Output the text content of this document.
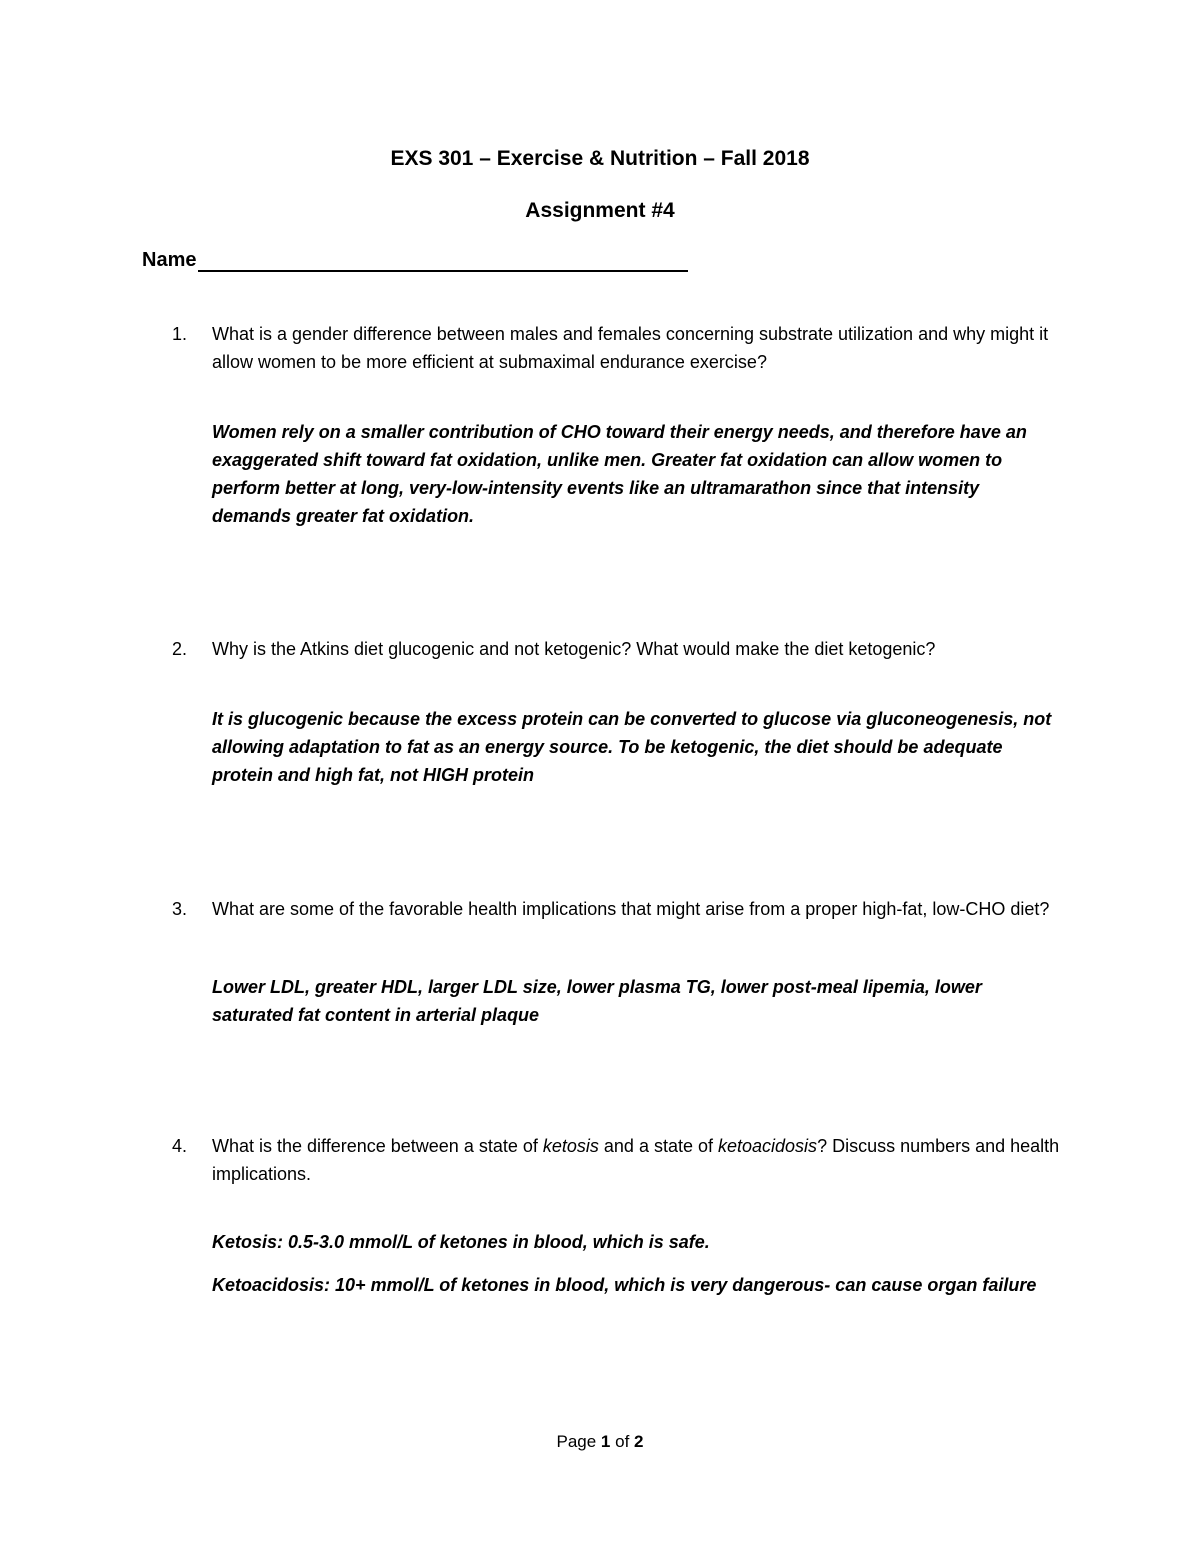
EXS 301 – Exercise & Nutrition – Fall 2018
Assignment #4
Name
1. What is a gender difference between males and females concerning substrate utilization and why might it allow women to be more efficient at submaximal endurance exercise?
Women rely on a smaller contribution of CHO toward their energy needs, and therefore have an exaggerated shift toward fat oxidation, unlike men. Greater fat oxidation can allow women to perform better at long, very-low-intensity events like an ultramarathon since that intensity demands greater fat oxidation.
2. Why is the Atkins diet glucogenic and not ketogenic? What would make the diet ketogenic?
It is glucogenic because the excess protein can be converted to glucose via gluconeogenesis, not allowing adaptation to fat as an energy source. To be ketogenic, the diet should be adequate protein and high fat, not HIGH protein
3. What are some of the favorable health implications that might arise from a proper high-fat, low-CHO diet?
Lower LDL, greater HDL, larger LDL size, lower plasma TG, lower post-meal lipemia, lower saturated fat content in arterial plaque
4. What is the difference between a state of ketosis and a state of ketoacidosis? Discuss numbers and health implications.
Ketosis: 0.5-3.0 mmol/L of ketones in blood, which is safe.
Ketoacidosis: 10+ mmol/L of ketones in blood, which is very dangerous- can cause organ failure
Page 1 of 2
